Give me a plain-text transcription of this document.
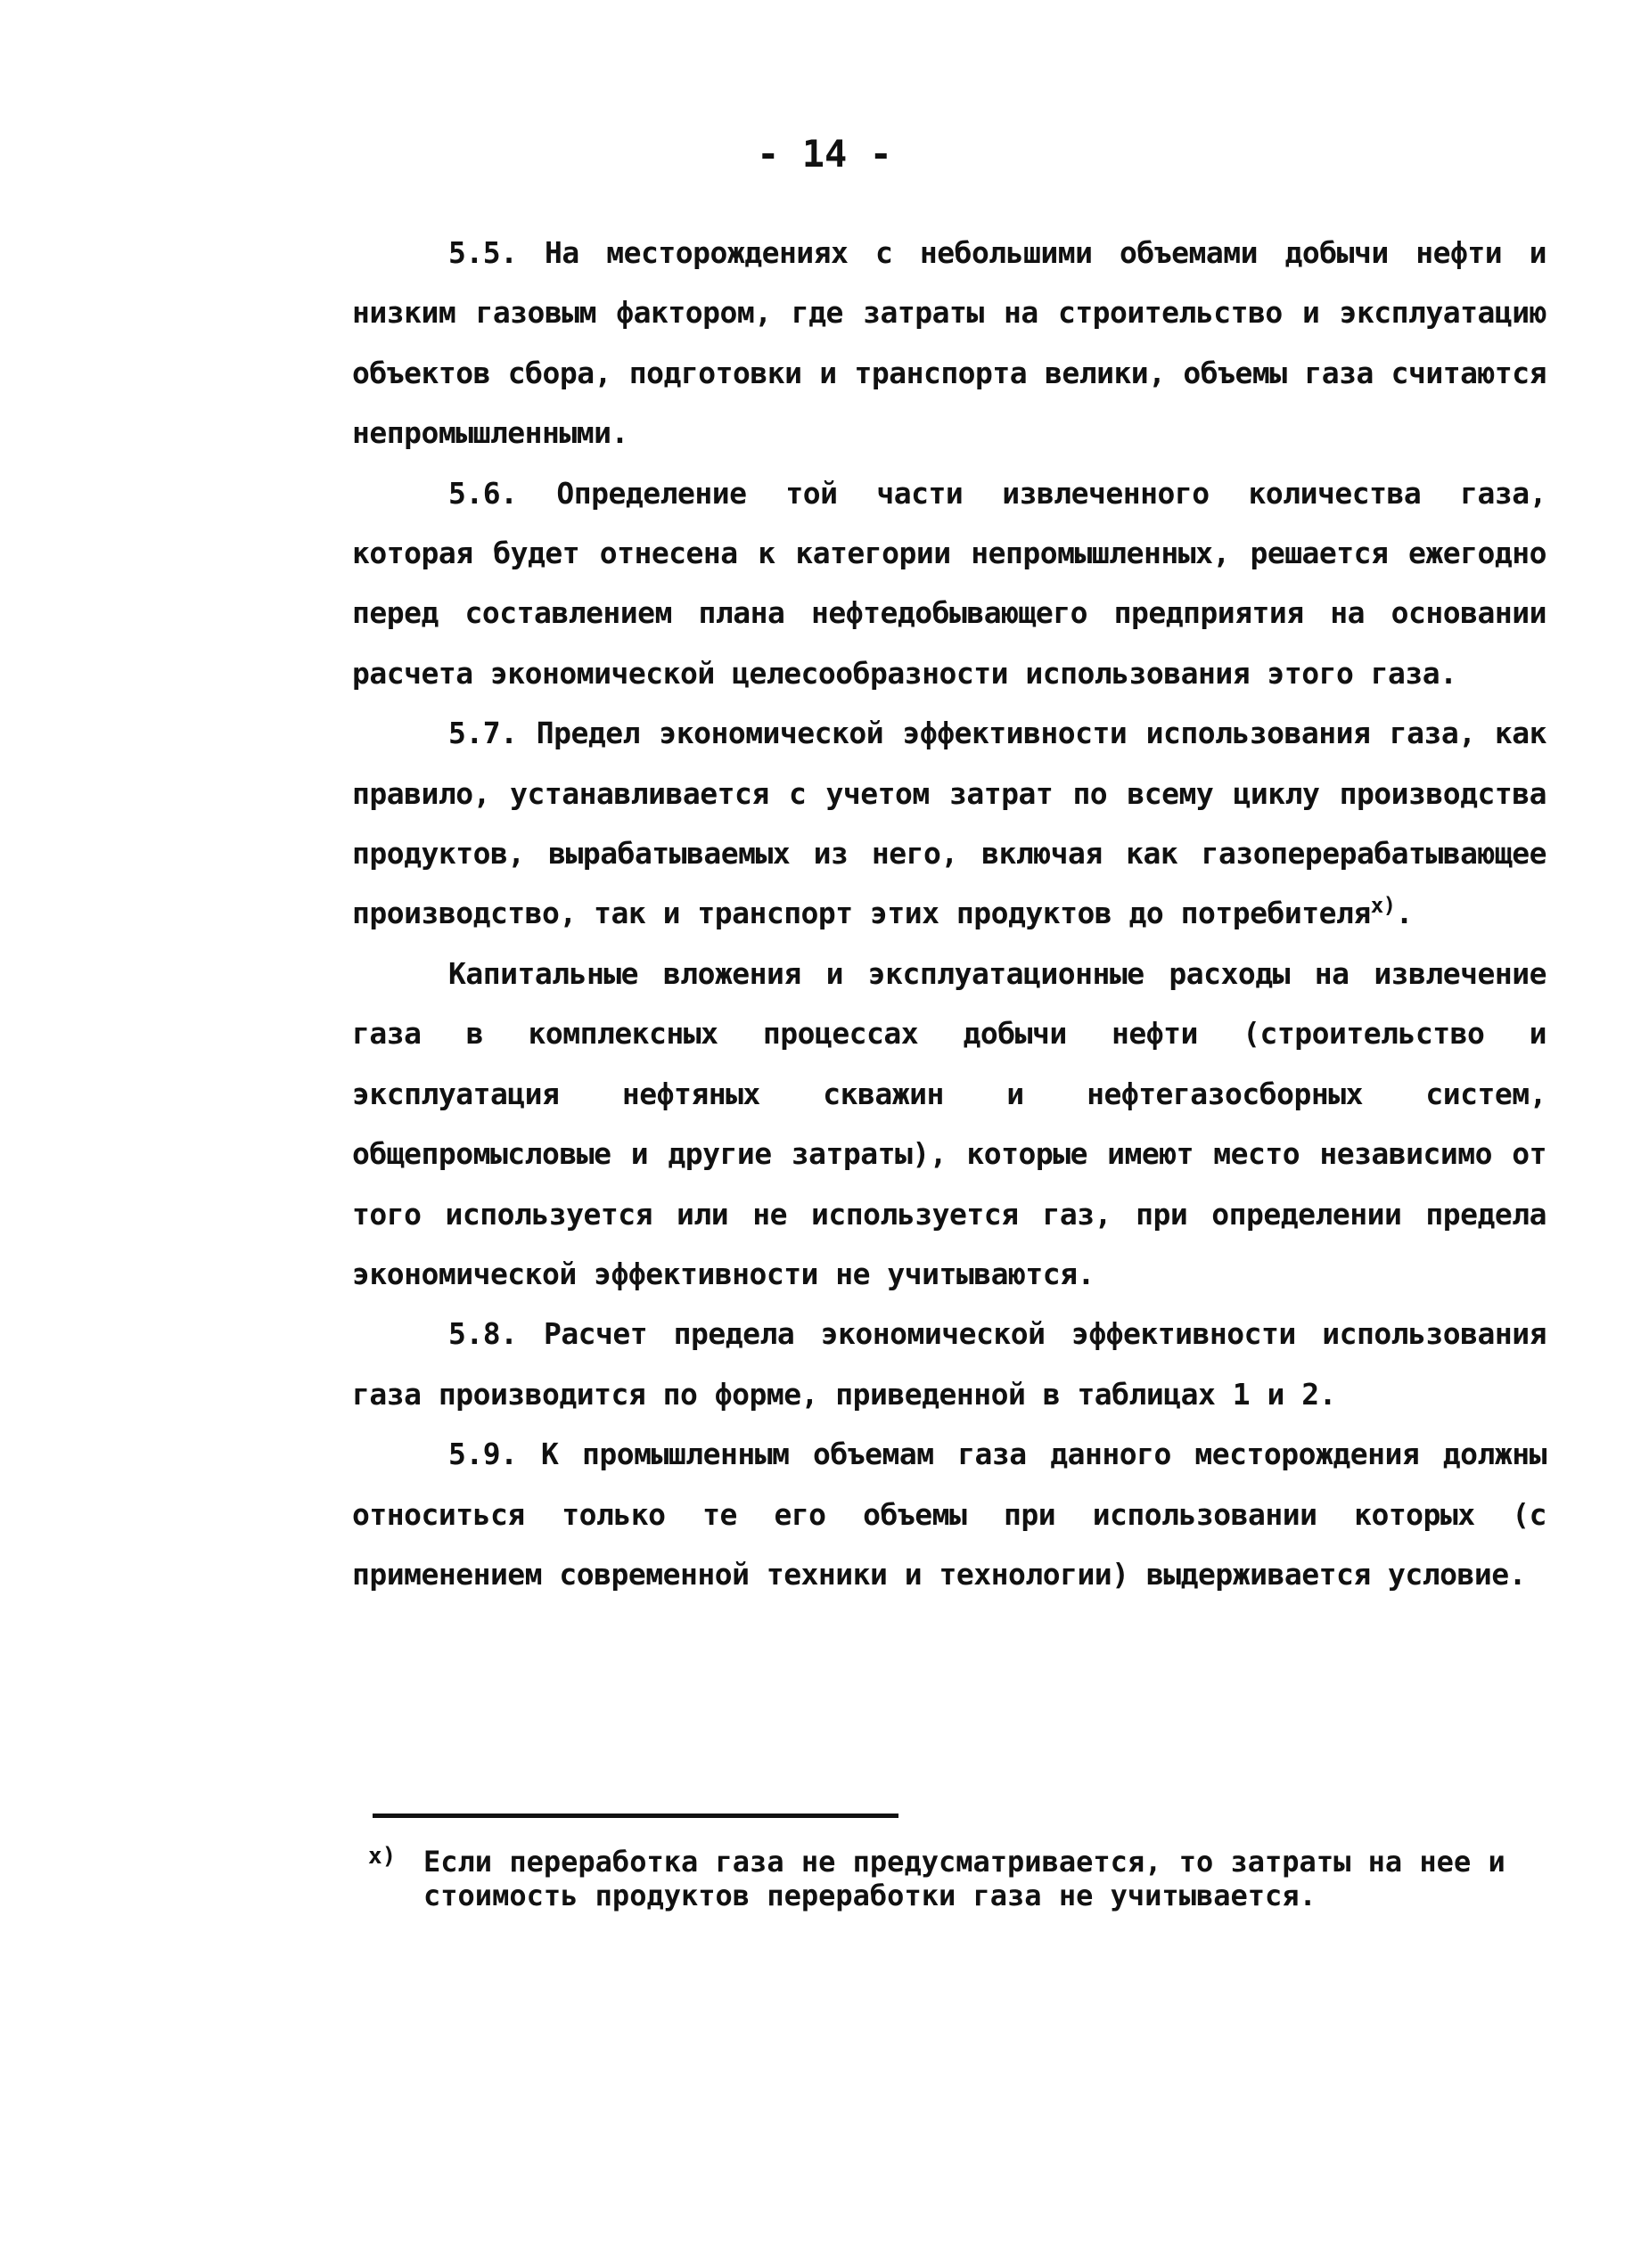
- 14 -

5.5. На месторождениях с небольшими объемами добычи нефти и низким газовым фактором, где затраты на строительство и эксплуатацию объектов сбора, подготовки и транспорта велики, объемы газа считаются непромышленными.

5.6. Определение той части извлеченного количества газа, которая будет отнесена к категории непромышленных, решается ежегодно перед составлением плана нефтедобывающего предприятия на основании расчета экономической целесообразности использования этого газа.

5.7. Предел экономической эффективности использования газа, как правило, устанавливается с учетом затрат по всему циклу производства продуктов, вырабатываемых из него, включая как газоперерабатывающее производство, так и транспорт этих продуктов до потребителя$^{х)}$.

Капитальные вложения и эксплуатационные расходы на извлечение газа в комплексных процессах добычи нефти (строительство и эксплуатация нефтяных скважин и нефтегазосборных систем, общепромысловые и другие затраты), которые имеют место независимо от того используется или не используется газ, при определении предела экономической эффективности не учитываются.

5.8. Расчет предела экономической эффективности использования газа производится по форме, приведенной в таблицах 1 и 2.

5.9. К промышленным объемам газа данного месторождения должны относиться только те его объемы при использовании которых (с применением современной техники и технологии) выдерживается условие.

х) Если переработка газа не предусматривается, то затраты на нее и стоимость продуктов переработки газа не учитывается.
